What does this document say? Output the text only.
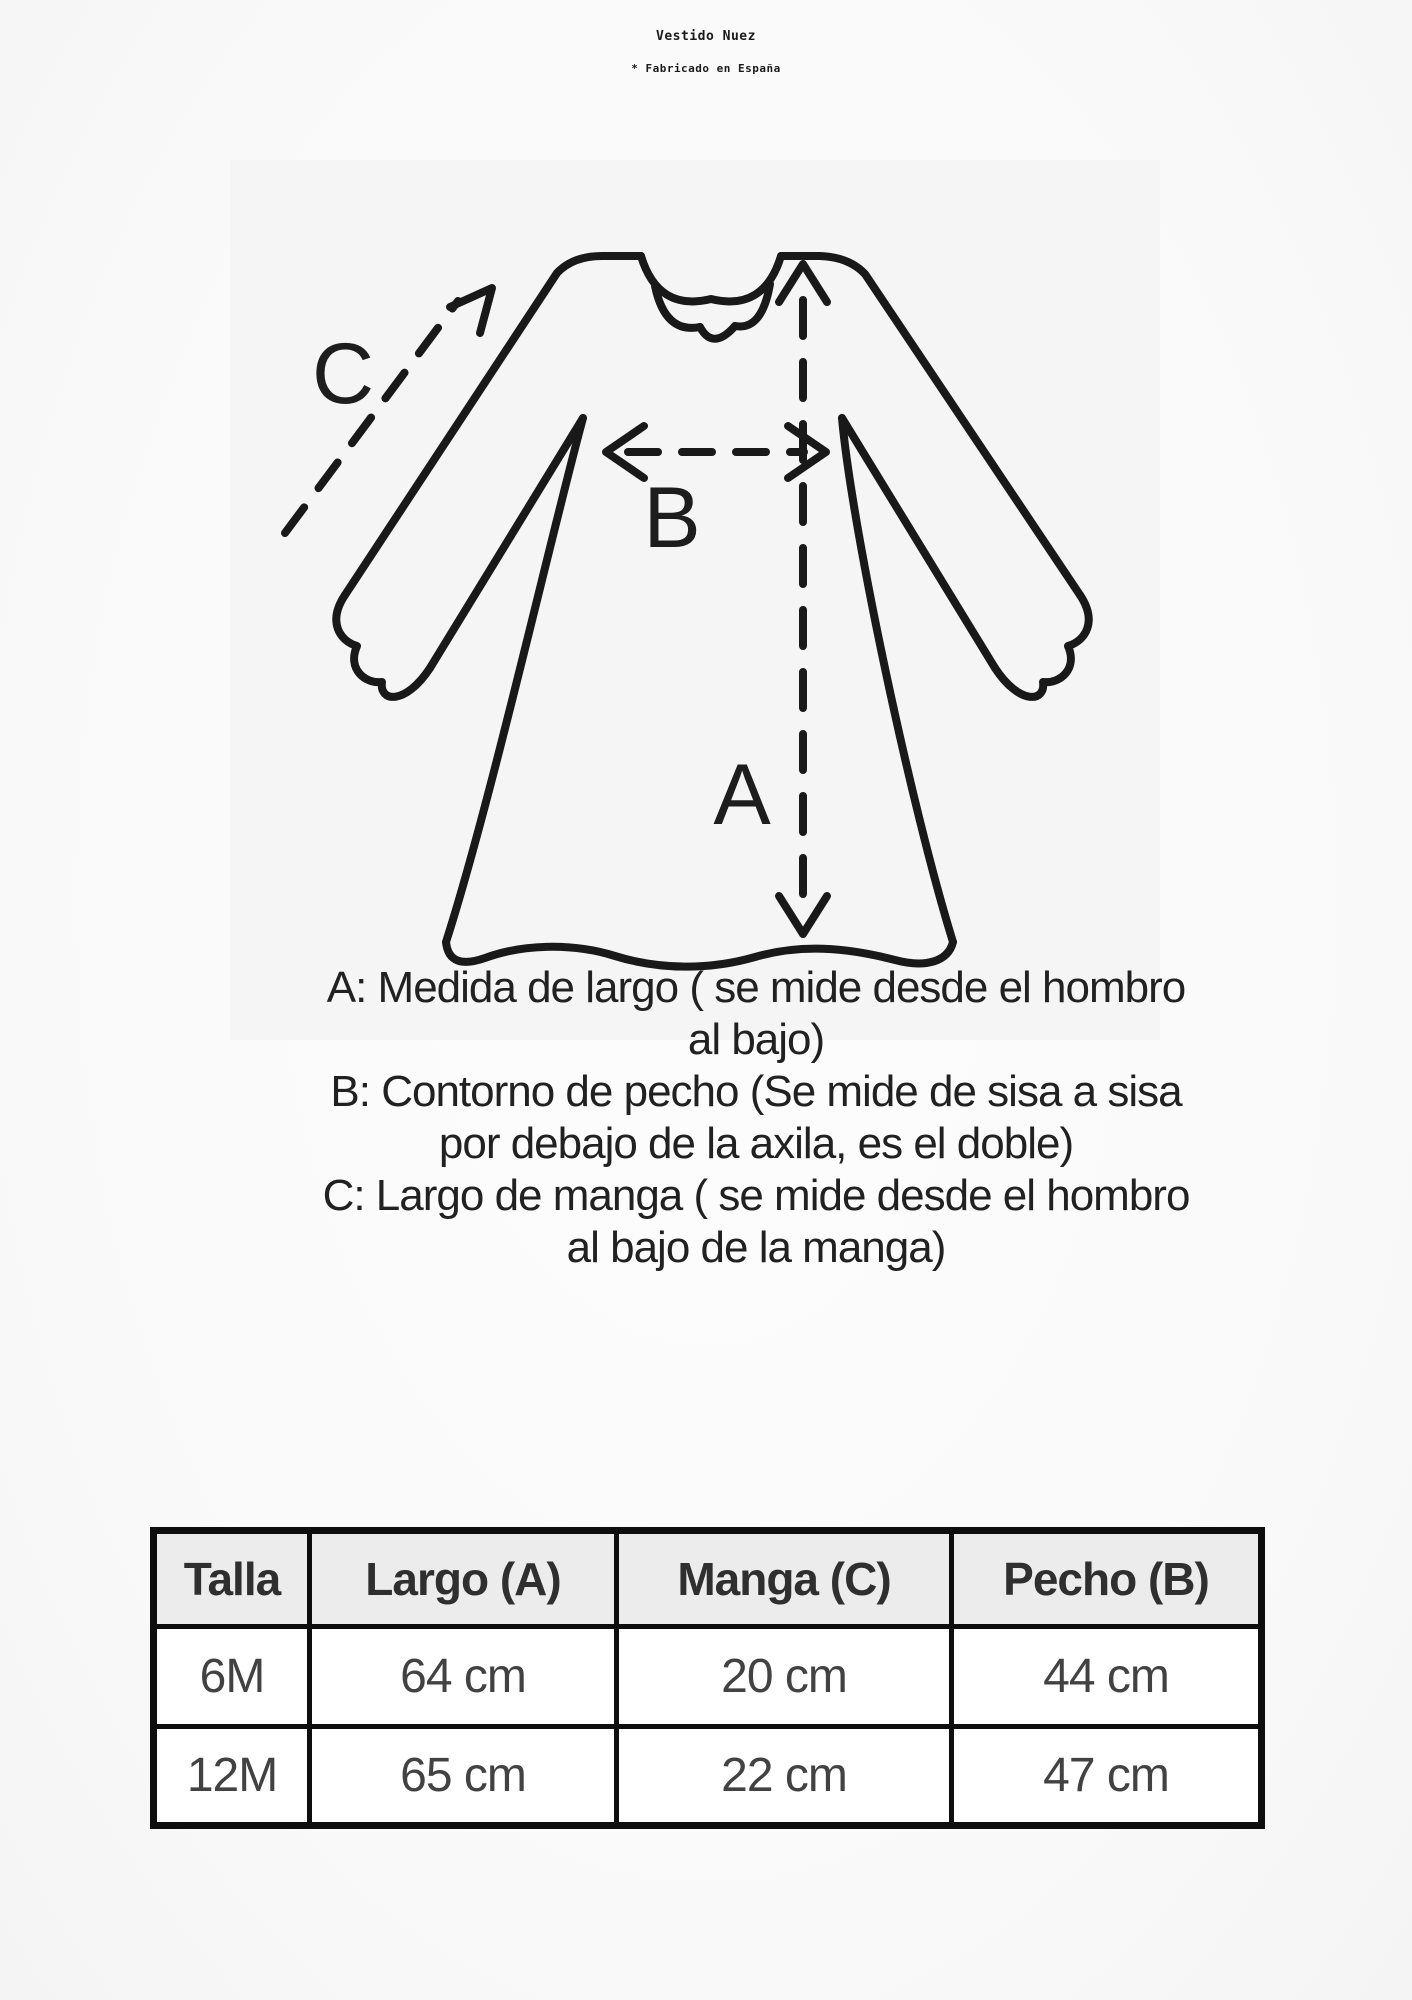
Vestido Nuez
* Fabricado en España
A
B
C
A: Medida de largo ( se mide desde el hombro
al bajo)
B: Contorno de pecho (Se mide de sisa a sisa
por debajo de la axila, es el doble)
C: Largo de manga ( se mide desde el hombro
al bajo de la manga)
Talla	Largo (A)	Manga (C)	Pecho (B)
6M	64 cm	20 cm	44 cm
12M	65 cm	22 cm	47 cm
